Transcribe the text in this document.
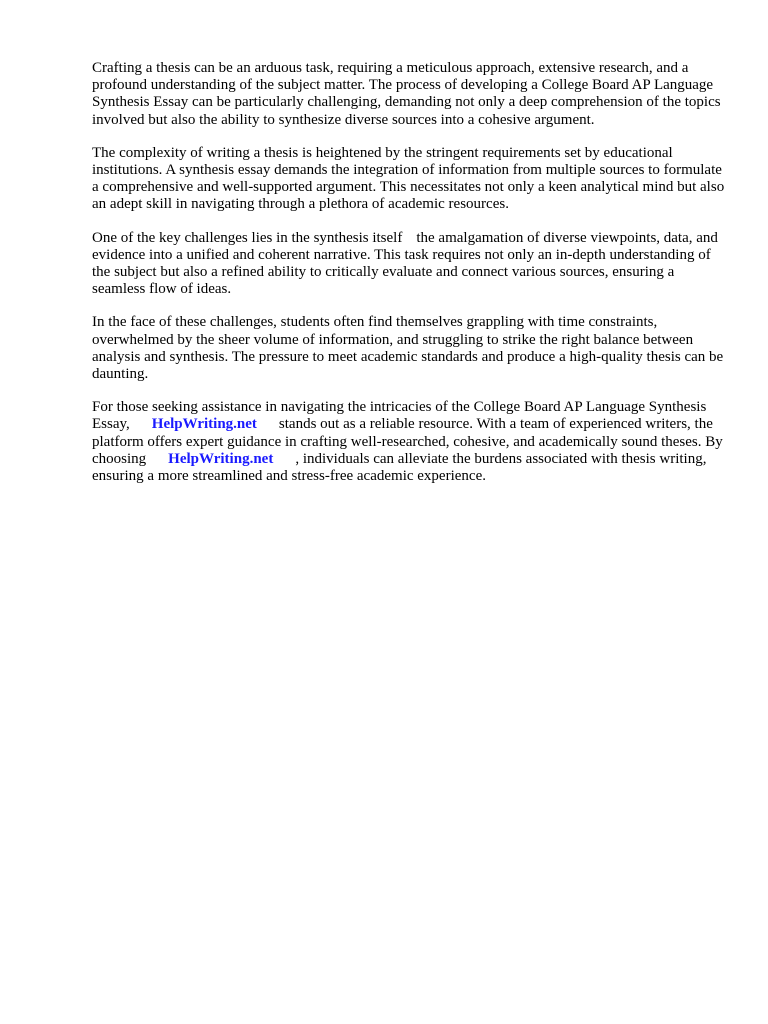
Crafting a thesis can be an arduous task, requiring a meticulous approach, extensive research, and a profound understanding of the subject matter. The process of developing a College Board AP Language Synthesis Essay can be particularly challenging, demanding not only a deep comprehension of the topics involved but also the ability to synthesize diverse sources into a cohesive argument.

The complexity of writing a thesis is heightened by the stringent requirements set by educational institutions. A synthesis essay demands the integration of information from multiple sources to formulate a comprehensive and well-supported argument. This necessitates not only a keen analytical mind but also an adept skill in navigating through a plethora of academic resources.

One of the key challenges lies in the synthesis itself the amalgamation of diverse viewpoints, data, and evidence into a unified and coherent narrative. This task requires not only an in-depth understanding of the subject but also a refined ability to critically evaluate and connect various sources, ensuring a seamless flow of ideas.

In the face of these challenges, students often find themselves grappling with time constraints, overwhelmed by the sheer volume of information, and struggling to strike the right balance between analysis and synthesis. The pressure to meet academic standards and produce a high-quality thesis can be daunting.

For those seeking assistance in navigating the intricacies of the College Board AP Language Synthesis Essay, HelpWriting.net stands out as a reliable resource. With a team of experienced writers, the platform offers expert guidance in crafting well-researched, cohesive, and academically sound theses. By choosing HelpWriting.net , individuals can alleviate the burdens associated with thesis writing, ensuring a more streamlined and stress-free academic experience.
